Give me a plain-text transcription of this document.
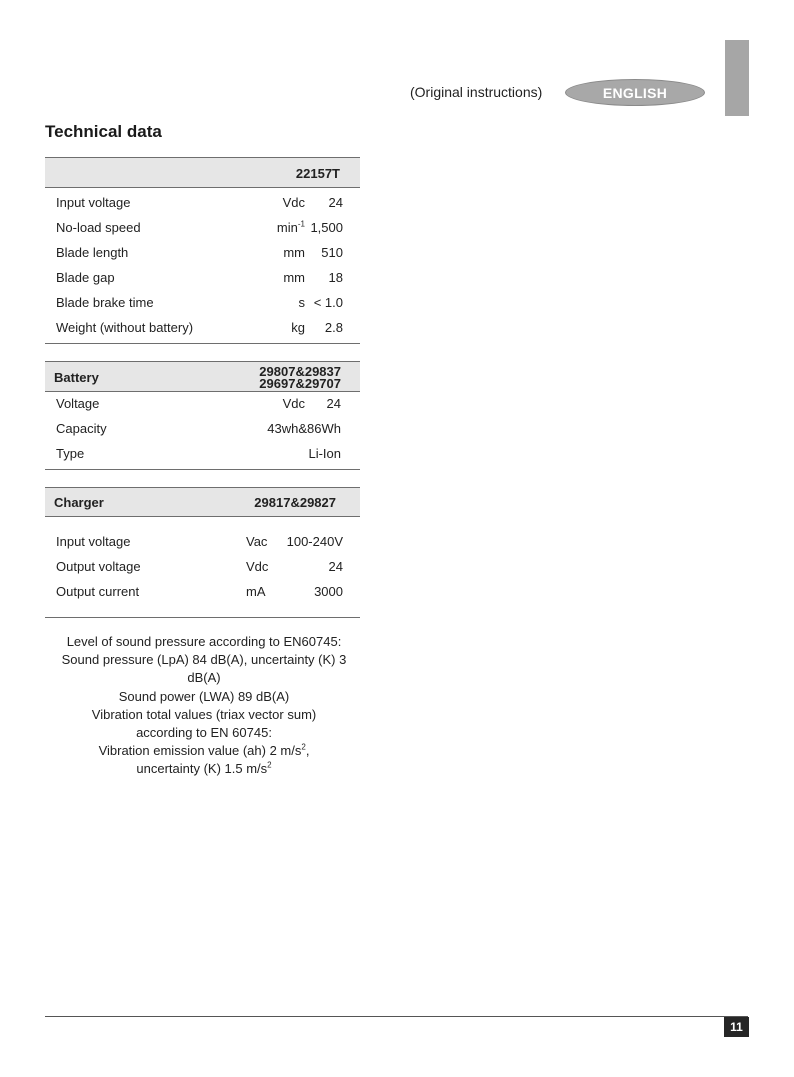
(Original instructions)	ENGLISH
Technical data
22157T
Input voltage	Vdc 24
No-load speed	$\min^{-1} 1,500$
Blade length	mm 510
Blade gap	mm 18
Blade brake time	s < 1.0
Weight (without battery)	kg 2.8
Battery	29807&29837
29697&29707
Voltage	Vdc 24
Capacity	43wh&86Wh
Type	Li-Ion
Charger	29817&29827
Input voltage	Vac 100-240V
Output voltage	Vdc	24
Output current	mA	3000
Level of sound pressure according to EN60745:
Sound pressure (LpA) 84 dB(A), uncertainty (K) 3 dB(A)
Sound power (LWA) 89 dB(A)
Vibration total values (triax vector sum)
according to EN 60745:
Vibration emission value (ah) 2 $m/s^2$,
uncertainty (K) 1.5 $m/s^2$
11
